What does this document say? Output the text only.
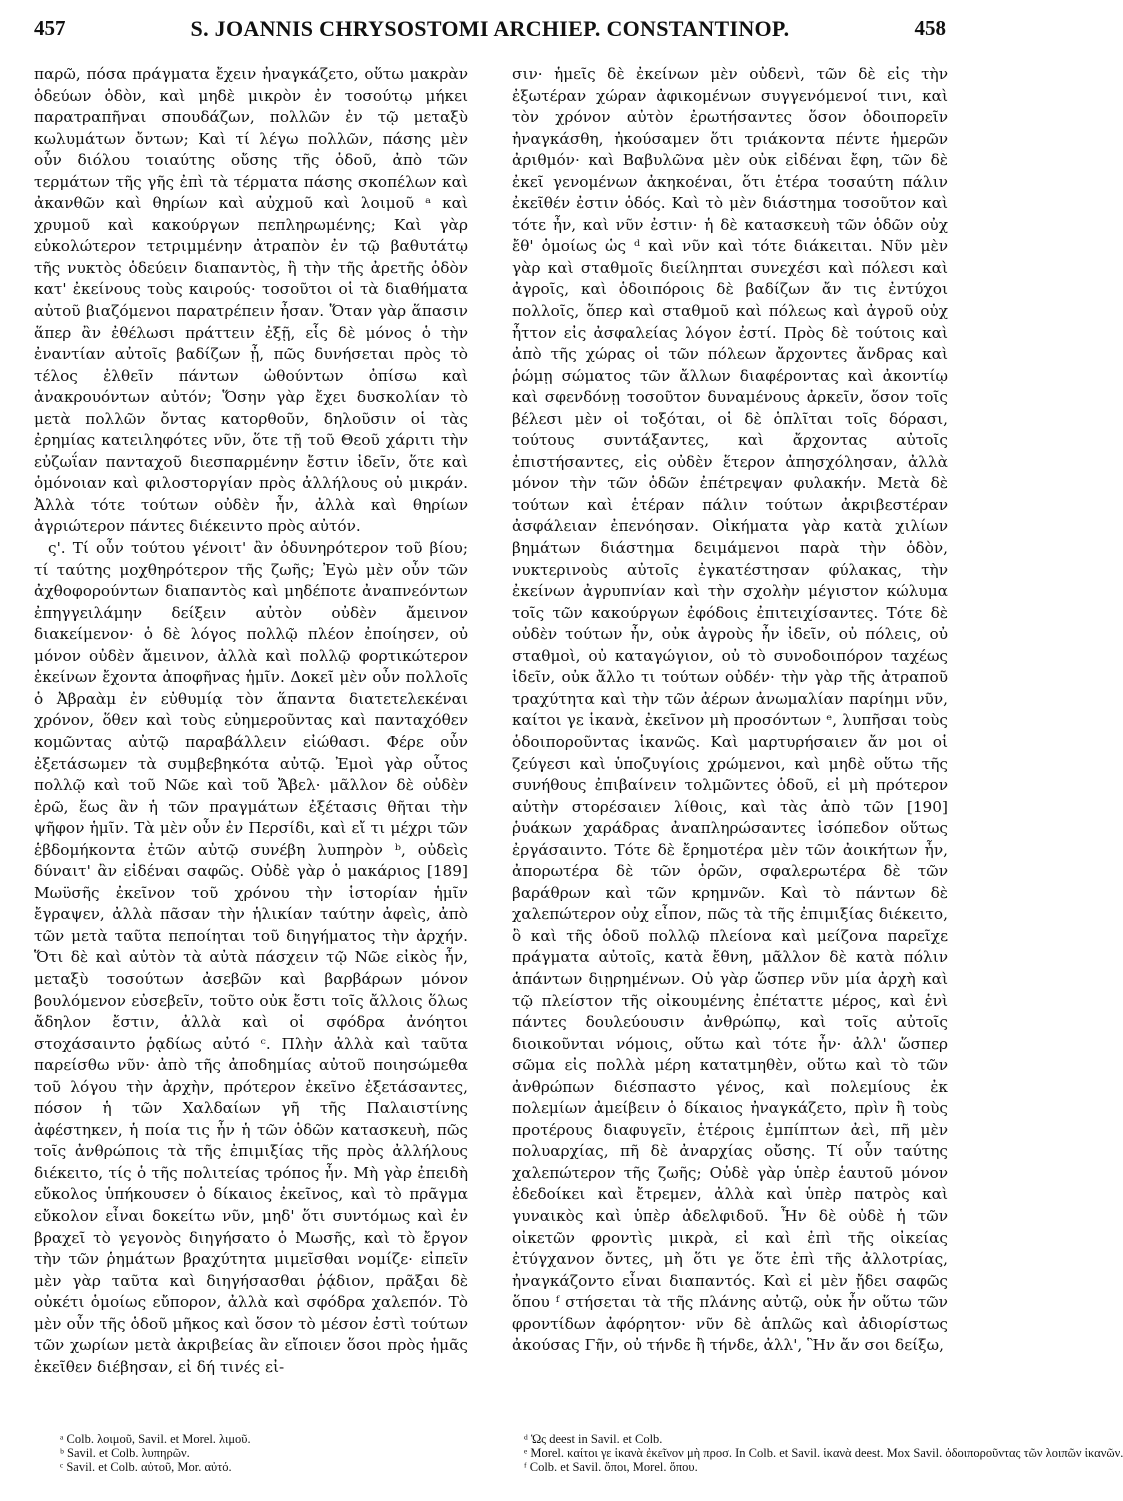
457	S. JOANNIS CHRYSOSTOMI ARCHIEP. CONSTANTINOP.	458

παρῶ, πόσα πράγματα ἔχειν ἠναγκάζετο, οὕτω μακρὰν ὁδεύων ὁδὸν, καὶ μηδὲ μικρὸν ἐν τοσούτῳ μήκει παρατραπῆναι σπουδάζων, πολλῶν ἐν τῷ μεταξὺ κωλυμάτων ὄντων; Καὶ τί λέγω πολλῶν, πάσης μὲν οὖν διόλου τοιαύτης οὔσης τῆς ὁδοῦ, ἀπὸ τῶν τερμάτων τῆς γῆς ἐπὶ τὰ τέρματα πάσης σκοπέλων καὶ ἀκανθῶν καὶ θηρίων καὶ αὐχμοῦ καὶ λοιμοῦ ᵃ καὶ χρυμοῦ καὶ κακούργων πεπληρωμένης; Καὶ γὰρ εὐκολώτερον τετριμμένην ἀτραπὸν ἐν τῷ βαθυτάτῳ τῆς νυκτὸς ὁδεύειν διαπαντὸς, ἢ τὴν τῆς ἀρετῆς ὁδὸν κατ' ἐκείνους τοὺς καιρούς· τοσοῦτοι οἱ τὰ διαθήματα αὐτοῦ βιαζόμενοι παρατρέπειν ἦσαν. Ὅταν γὰρ ἅπασιν ἅπερ ἂν ἐθέλωσι πράττειν ἐξῇ, εἷς δὲ μόνος ὁ τὴν ἐναντίαν αὐτοῖς βαδίζων ᾖ, πῶς δυνήσεται πρὸς τὸ τέλος ἐλθεῖν πάντων ὠθούντων ὀπίσω καὶ ἀνακρουόντων αὐτόν; Ὅσην γὰρ ἔχει δυσκολίαν τὸ μετὰ πολλῶν ὄντας κατορθοῦν, δηλοῦσιν οἱ τὰς ἐρημίας κατειληφότες νῦν, ὅτε τῇ τοῦ Θεοῦ χάριτι τὴν εὐζωΐαν πανταχοῦ διεσπαρμένην ἔστιν ἰδεῖν, ὅτε καὶ ὁμόνοιαν καὶ φιλοστοργίαν πρὸς ἀλλήλους οὐ μικράν. Ἀλλὰ τότε τούτων οὐδὲν ἦν, ἀλλὰ καὶ θηρίων ἀγριώτερον πάντες διέκειντο πρὸς αὐτόν.

ς'. Τί οὖν τούτου γένοιτ' ἂν ὀδυνηρότερον τοῦ βίου; τί ταύτης μοχθηρότερον τῆς ζωῆς; Ἐγὼ μὲν οὖν τῶν ἀχθοφορούντων διαπαντὸς καὶ μηδέποτε ἀναπνεόντων ἐπηγγειλάμην δείξειν αὐτὸν οὐδὲν ἄμεινον διακείμενον· ὁ δὲ λόγος πολλῷ πλέον ἐποίησεν, οὐ μόνον οὐδὲν ἄμεινον, ἀλλὰ καὶ πολλῷ φορτικώτερον ἐκείνων ἔχοντα ἀποφῆνας ἡμῖν. Δοκεῖ μὲν οὖν πολλοῖς ὁ Ἀβραὰμ ἐν εὐθυμίᾳ τὸν ἅπαντα διατετελεκέναι χρόνον, ὅθεν καὶ τοὺς εὐημεροῦντας καὶ πανταχόθεν κομῶντας αὐτῷ παραβάλλειν εἰώθασι. Φέρε οὖν ἐξετάσωμεν τὰ συμβεβηκότα αὐτῷ. Ἐμοὶ γὰρ οὗτος πολλῷ καὶ τοῦ Νῶε καὶ τοῦ Ἄβελ· μᾶλλον δὲ οὐδὲν ἐρῶ, ἕως ἂν ἡ τῶν πραγμάτων ἐξέτασις θῆται τὴν ψῆφον ἡμῖν. Τὰ μὲν οὖν ἐν Περσίδι, καὶ εἴ τι μέχρι τῶν ἑβδομήκοντα ἐτῶν αὐτῷ συνέβη λυπηρὸν ᵇ, οὐδεὶς δύναιτ' ἂν εἰδέναι σαφῶς. Οὐδὲ γὰρ ὁ μακάριος [189] Μωϋσῆς ἐκεῖνον τοῦ χρόνου τὴν ἱστορίαν ἡμῖν ἔγραψεν, ἀλλὰ πᾶσαν τὴν ἡλικίαν ταύτην ἀφεὶς, ἀπὸ τῶν μετὰ ταῦτα πεποίηται τοῦ διηγήματος τὴν ἀρχήν. Ὅτι δὲ καὶ αὐτὸν τὰ αὐτὰ πάσχειν τῷ Νῶε εἰκὸς ἦν, μεταξὺ τοσούτων ἀσεβῶν καὶ βαρβάρων μόνον βουλόμενον εὐσεβεῖν, τοῦτο οὐκ ἔστι τοῖς ἄλλοις ὅλως ἄδηλον ἔστιν, ἀλλὰ καὶ οἱ σφόδρα ἀνόητοι στοχάσαιντο ῥᾳδίως αὐτό ᶜ. Πλὴν ἀλλὰ καὶ ταῦτα παρείσθω νῦν· ἀπὸ τῆς ἀποδημίας αὐτοῦ ποιησώμεθα τοῦ λόγου τὴν ἀρχὴν, πρότερον ἐκεῖνο ἐξετάσαντες, πόσον ἡ τῶν Χαλδαίων γῆ τῆς Παλαιστίνης ἀφέστηκεν, ἡ ποία τις ἦν ἡ τῶν ὁδῶν κατασκευὴ, πῶς τοῖς ἀνθρώποις τὰ τῆς ἐπιμιξίας τῆς πρὸς ἀλλήλους διέκειτο, τίς ὁ τῆς πολιτείας τρόπος ἦν. Μὴ γὰρ ἐπειδὴ εὔκολος ὑπήκουσεν ὁ δίκαιος ἐκεῖνος, καὶ τὸ πρᾶγμα εὔκολον εἶναι δοκείτω νῦν, μηδ' ὅτι συντόμως καὶ ἐν βραχεῖ τὸ γεγονὸς διηγήσατο ὁ Μωσῆς, καὶ τὸ ἔργον τὴν τῶν ῥημάτων βραχύτητα μιμεῖσθαι νομίζε· εἰπεῖν μὲν γὰρ ταῦτα καὶ διηγήσασθαι ῥᾴδιον, πρᾶξαι δὲ οὐκέτι ὁμοίως εὔπορον, ἀλλὰ καὶ σφόδρα χαλεπόν. Τὸ μὲν οὖν τῆς ὁδοῦ μῆκος καὶ ὅσον τὸ μέσον ἐστὶ τούτων τῶν χωρίων μετὰ ἀκριβείας ἂν εἴποιεν ὅσοι πρὸς ἡμᾶς ἐκεῖθεν διέβησαν, εἰ δή τινές εἰ-

σιν· ἡμεῖς δὲ ἐκείνων μὲν οὐδενὶ, τῶν δὲ εἰς τὴν ἐξωτέραν χώραν ἀφικομένων συγγενόμενοί τινι, καὶ τὸν χρόνον αὐτὸν ἐρωτήσαντες ὅσον ὁδοιπορεῖν ἠναγκάσθη, ἠκούσαμεν ὅτι τριάκοντα πέντε ἡμερῶν ἀριθμόν· καὶ Βαβυλῶνα μὲν οὐκ εἰδέναι ἔφη, τῶν δὲ ἐκεῖ γενομένων ἀκηκοέναι, ὅτι ἑτέρα τοσαύτη πάλιν ἐκεῖθέν ἐστιν ὁδός. Καὶ τὸ μὲν διάστημα τοσοῦτον καὶ τότε ἦν, καὶ νῦν ἐστιν· ἡ δὲ κατασκευὴ τῶν ὁδῶν οὐχ ἔθ' ὁμοίως ὡς ᵈ καὶ νῦν καὶ τότε διάκειται. Νῦν μὲν γὰρ καὶ σταθμοῖς διείληπται συνεχέσι καὶ πόλεσι καὶ ἀγροῖς, καὶ ὁδοιπόροις δὲ βαδίζων ἄν τις ἐντύχοι πολλοῖς, ὅπερ καὶ σταθμοῦ καὶ πόλεως καὶ ἀγροῦ οὐχ ἧττον εἰς ἀσφαλείας λόγον ἐστί. Πρὸς δὲ τούτοις καὶ ἀπὸ τῆς χώρας οἱ τῶν πόλεων ἄρχοντες ἄνδρας καὶ ῥώμῃ σώματος τῶν ἄλλων διαφέροντας καὶ ἀκοντίῳ καὶ σφενδόνῃ τοσοῦτον δυναμένους ἀρκεῖν, ὅσον τοῖς βέλεσι μὲν οἱ τοξόται, οἱ δὲ ὁπλῖται τοῖς δόρασι, τούτους συντάξαντες, καὶ ἄρχοντας αὐτοῖς ἐπιστήσαντες, εἰς οὐδὲν ἕτερον ἀπησχόλησαν, ἀλλὰ μόνον τὴν τῶν ὁδῶν ἐπέτρεψαν φυλακήν. Μετὰ δὲ τούτων καὶ ἑτέραν πάλιν τούτων ἀκριβεστέραν ἀσφάλειαν ἐπενόησαν. Οἰκήματα γὰρ κατὰ χιλίων βημάτων διάστημα δειμάμενοι παρὰ τὴν ὁδὸν, νυκτερινοὺς αὐτοῖς ἐγκατέστησαν φύλακας, τὴν ἐκείνων ἀγρυπνίαν καὶ τὴν σχολὴν μέγιστον κώλυμα τοῖς τῶν κακούργων ἐφόδοις ἐπιτειχίσαντες. Τότε δὲ οὐδὲν τούτων ἦν, οὐκ ἀγροὺς ἦν ἰδεῖν, οὐ πόλεις, οὐ σταθμοὶ, οὐ καταγώγιον, οὐ τὸ συνοδοιπόρον ταχέως ἰδεῖν, οὐκ ἄλλο τι τούτων οὐδέν· τὴν γὰρ τῆς ἀτραποῦ τραχύτητα καὶ τὴν τῶν ἀέρων ἀνωμαλίαν παρίημι νῦν, καίτοι γε ἱκανὰ, ἐκεῖνον μὴ προσόντων ᵉ, λυπῆσαι τοὺς ὁδοιποροῦντας ἱκανῶς. Καὶ μαρτυρήσαιεν ἄν μοι οἱ ζεύγεσι καὶ ὑποζυγίοις χρώμενοι, καὶ μηδὲ οὕτω τῆς συνήθους ἐπιβαίνειν τολμῶντες ὁδοῦ, εἰ μὴ πρότερον αὐτὴν στορέσαιεν λίθοις, καὶ τὰς ἀπὸ τῶν [190] ῥυάκων χαράδρας ἀναπληρώσαντες ἰσόπεδον οὕτως ἐργάσαιντο. Τότε δὲ ἔρημοτέρα μὲν τῶν ἀοικήτων ἦν, ἀπορωτέρα δὲ τῶν ὀρῶν, σφαλερωτέρα δὲ τῶν βαράθρων καὶ τῶν κρημνῶν. Καὶ τὸ πάντων δὲ χαλεπώτερον οὐχ εἶπον, πῶς τὰ τῆς ἐπιμιξίας διέκειτο, ὃ καὶ τῆς ὁδοῦ πολλῷ πλείονα καὶ μείζονα παρεῖχε πράγματα αὐτοῖς, κατὰ ἔθνη, μᾶλλον δὲ κατὰ πόλιν ἁπάντων διῃρημένων. Οὐ γὰρ ὥσπερ νῦν μία ἀρχὴ καὶ τῷ πλείστον τῆς οἰκουμένης ἐπέταττε μέρος, καὶ ἑνὶ πάντες δουλεύουσιν ἀνθρώπῳ, καὶ τοῖς αὐτοῖς διοικοῦνται νόμοις, οὕτω καὶ τότε ἦν· ἀλλ' ὥσπερ σῶμα εἰς πολλὰ μέρη κατατμηθὲν, οὕτω καὶ τὸ τῶν ἀνθρώπων διέσπαστο γένος, καὶ πολεμίους ἐκ πολεμίων ἀμείβειν ὁ δίκαιος ἠναγκάζετο, πρὶν ἢ τοὺς προτέρους διαφυγεῖν, ἑτέροις ἐμπίπτων ἀεὶ, πῆ μὲν πολυαρχίας, πῆ δὲ ἀναρχίας οὔσης. Τί οὖν ταύτης χαλεπώτερον τῆς ζωῆς; Οὐδὲ γὰρ ὑπὲρ ἑαυτοῦ μόνον ἐδεδοίκει καὶ ἔτρεμεν, ἀλλὰ καὶ ὑπὲρ πατρὸς καὶ γυναικὸς καὶ ὑπὲρ ἀδελφιδοῦ. Ἦν δὲ οὐδὲ ἡ τῶν οἰκετῶν φροντὶς μικρὰ, εἰ καὶ ἐπὶ τῆς οἰκείας ἐτύγχανον ὄντες, μὴ ὅτι γε ὅτε ἐπὶ τῆς ἀλλοτρίας, ἠναγκάζοντο εἶναι διαπαντός. Καὶ εἰ μὲν ᾔδει σαφῶς ὅπου ᶠ στήσεται τὰ τῆς πλάνης αὐτῷ, οὐκ ἦν οὕτω τῶν φροντίδων ἀφόρητον· νῦν δὲ ἁπλῶς καὶ ἀδιορίστως ἀκούσας Γῆν, οὐ τήνδε ἢ τήνδε, ἀλλ', Ἣν ἄν σοι δείξω,

ᵃ Colb. λοιμοῦ, Savil. et Morel. λιμοῦ.
ᵇ Savil. et Colb. λυπηρῶν.
ᶜ Savil. et Colb. αὐτοῦ, Mor. αὐτό.
ᵈ Ὡς deest in Savil. et Colb.
ᵉ Morel. καίτοι γε ἱκανὰ ἐκεῖνον μὴ προσ. In Colb. et Savil. ἱκανὰ deest. Mox Savil. ὁδοιποροῦντας τῶν λοιπῶν ἱκανῶν.
ᶠ Colb. et Savil. ὅποι, Morel. ὅπου.
